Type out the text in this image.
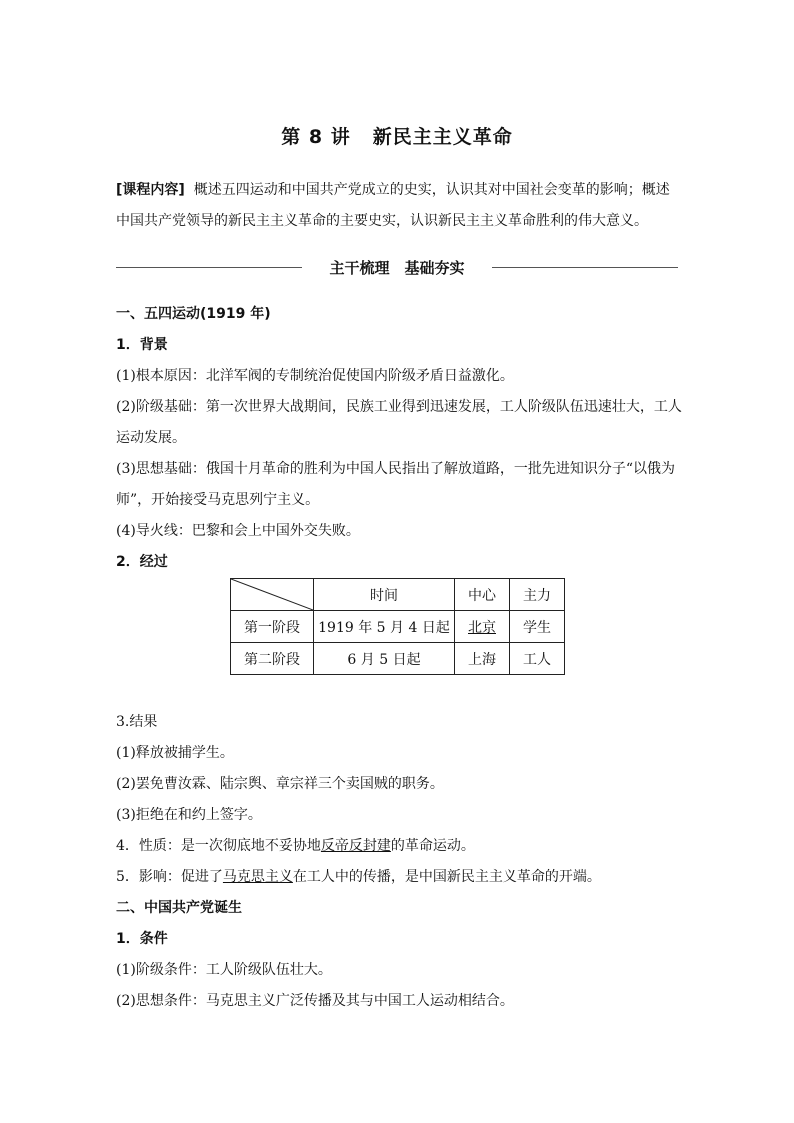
第 8 讲 新民主主义革命
[课程内容] 概述五四运动和中国共产党成立的史实，认识其对中国社会变革的影响；概述
中国共产党领导的新民主主义革命的主要史实，认识新民主主义革命胜利的伟大意义。
主干梳理　基础夯实
一、五四运动(1919 年)
1．背景
(1)根本原因：北洋军阀的专制统治促使国内阶级矛盾日益激化。
(2)阶级基础：第一次世界大战期间，民族工业得到迅速发展，工人阶级队伍迅速壮大，工人
运动发展。
(3)思想基础：俄国十月革命的胜利为中国人民指出了解放道路，一批先进知识分子“以俄为
师”，开始接受马克思列宁主义。
(4)导火线：巴黎和会上中国外交失败。
2．经过
	时间	中心	主力
第一阶段	1919 年 5 月 4 日起	北京	学生
第二阶段	6 月 5 日起	上海	工人
3.结果
(1)释放被捕学生。
(2)罢免曹汝霖、陆宗舆、章宗祥三个卖国贼的职务。
(3)拒绝在和约上签字。
4．性质：是一次彻底地不妥协地反帝反封建的革命运动。
5．影响：促进了马克思主义在工人中的传播，是中国新民主主义革命的开端。
二、中国共产党诞生
1．条件
(1)阶级条件：工人阶级队伍壮大。
(2)思想条件：马克思主义广泛传播及其与中国工人运动相结合。
